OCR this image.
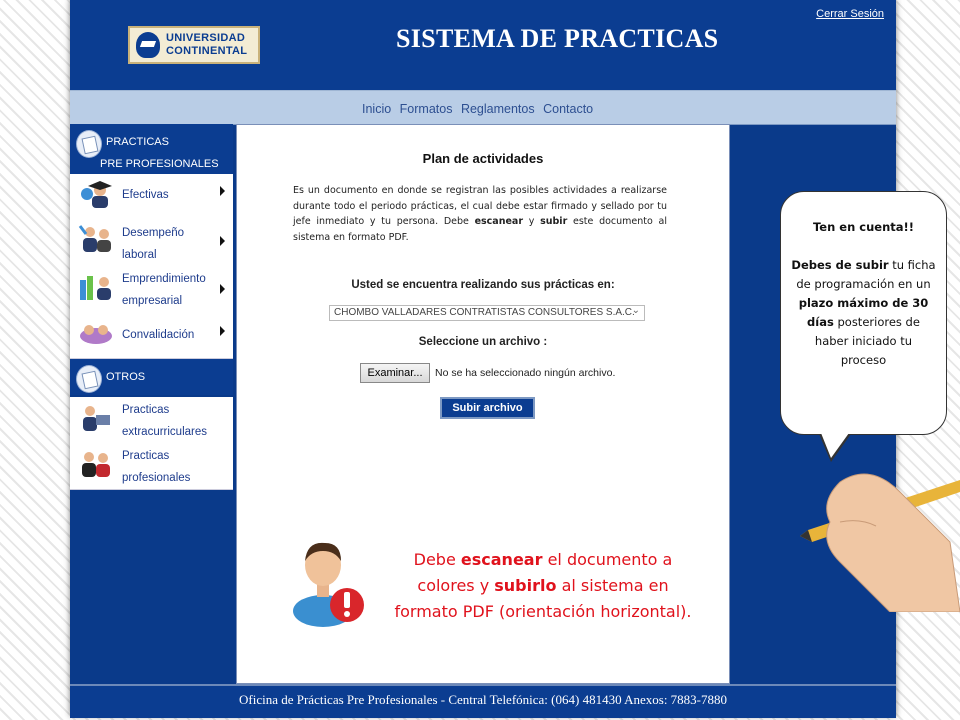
UNIVERSIDAD
CONTINENTAL	SISTEMA DE PRACTICAS
Cerrar Sesión
Inicio Formatos Reglamentos Contacto
PRACTICAS
PRE PROFESIONALES
Efectivas
Desempeño laboral
Emprendimiento empresarial
Convalidación
OTROS
Practicas extracurriculares
Practicas profesionales
Plan de actividades
Es un documento en donde se registran las posibles actividades a realizarse durante todo el periodo prácticas, el cual debe estar firmado y sellado por tu jefe inmediato y tu persona. Debe escanear y subir este documento al sistema en formato PDF.
Usted se encuentra realizando sus prácticas en:
CHOMBO VALLADARES CONTRATISTAS CONSULTORES S.A.C. ⌄
Seleccione un archivo :
Examinar...	No se ha seleccionado ningún archivo.
Subir archivo
Debe escanear el documento a colores y subirlo al sistema en formato PDF (orientación horizontal).
Oficina de Prácticas Pre Profesionales - Central Telefónica: (064) 481430 Anexos: 7883-7880
Ten en cuenta!!

Debes de subir tu ficha de programación en un plazo máximo de 30 días posteriores de haber iniciado tu proceso
